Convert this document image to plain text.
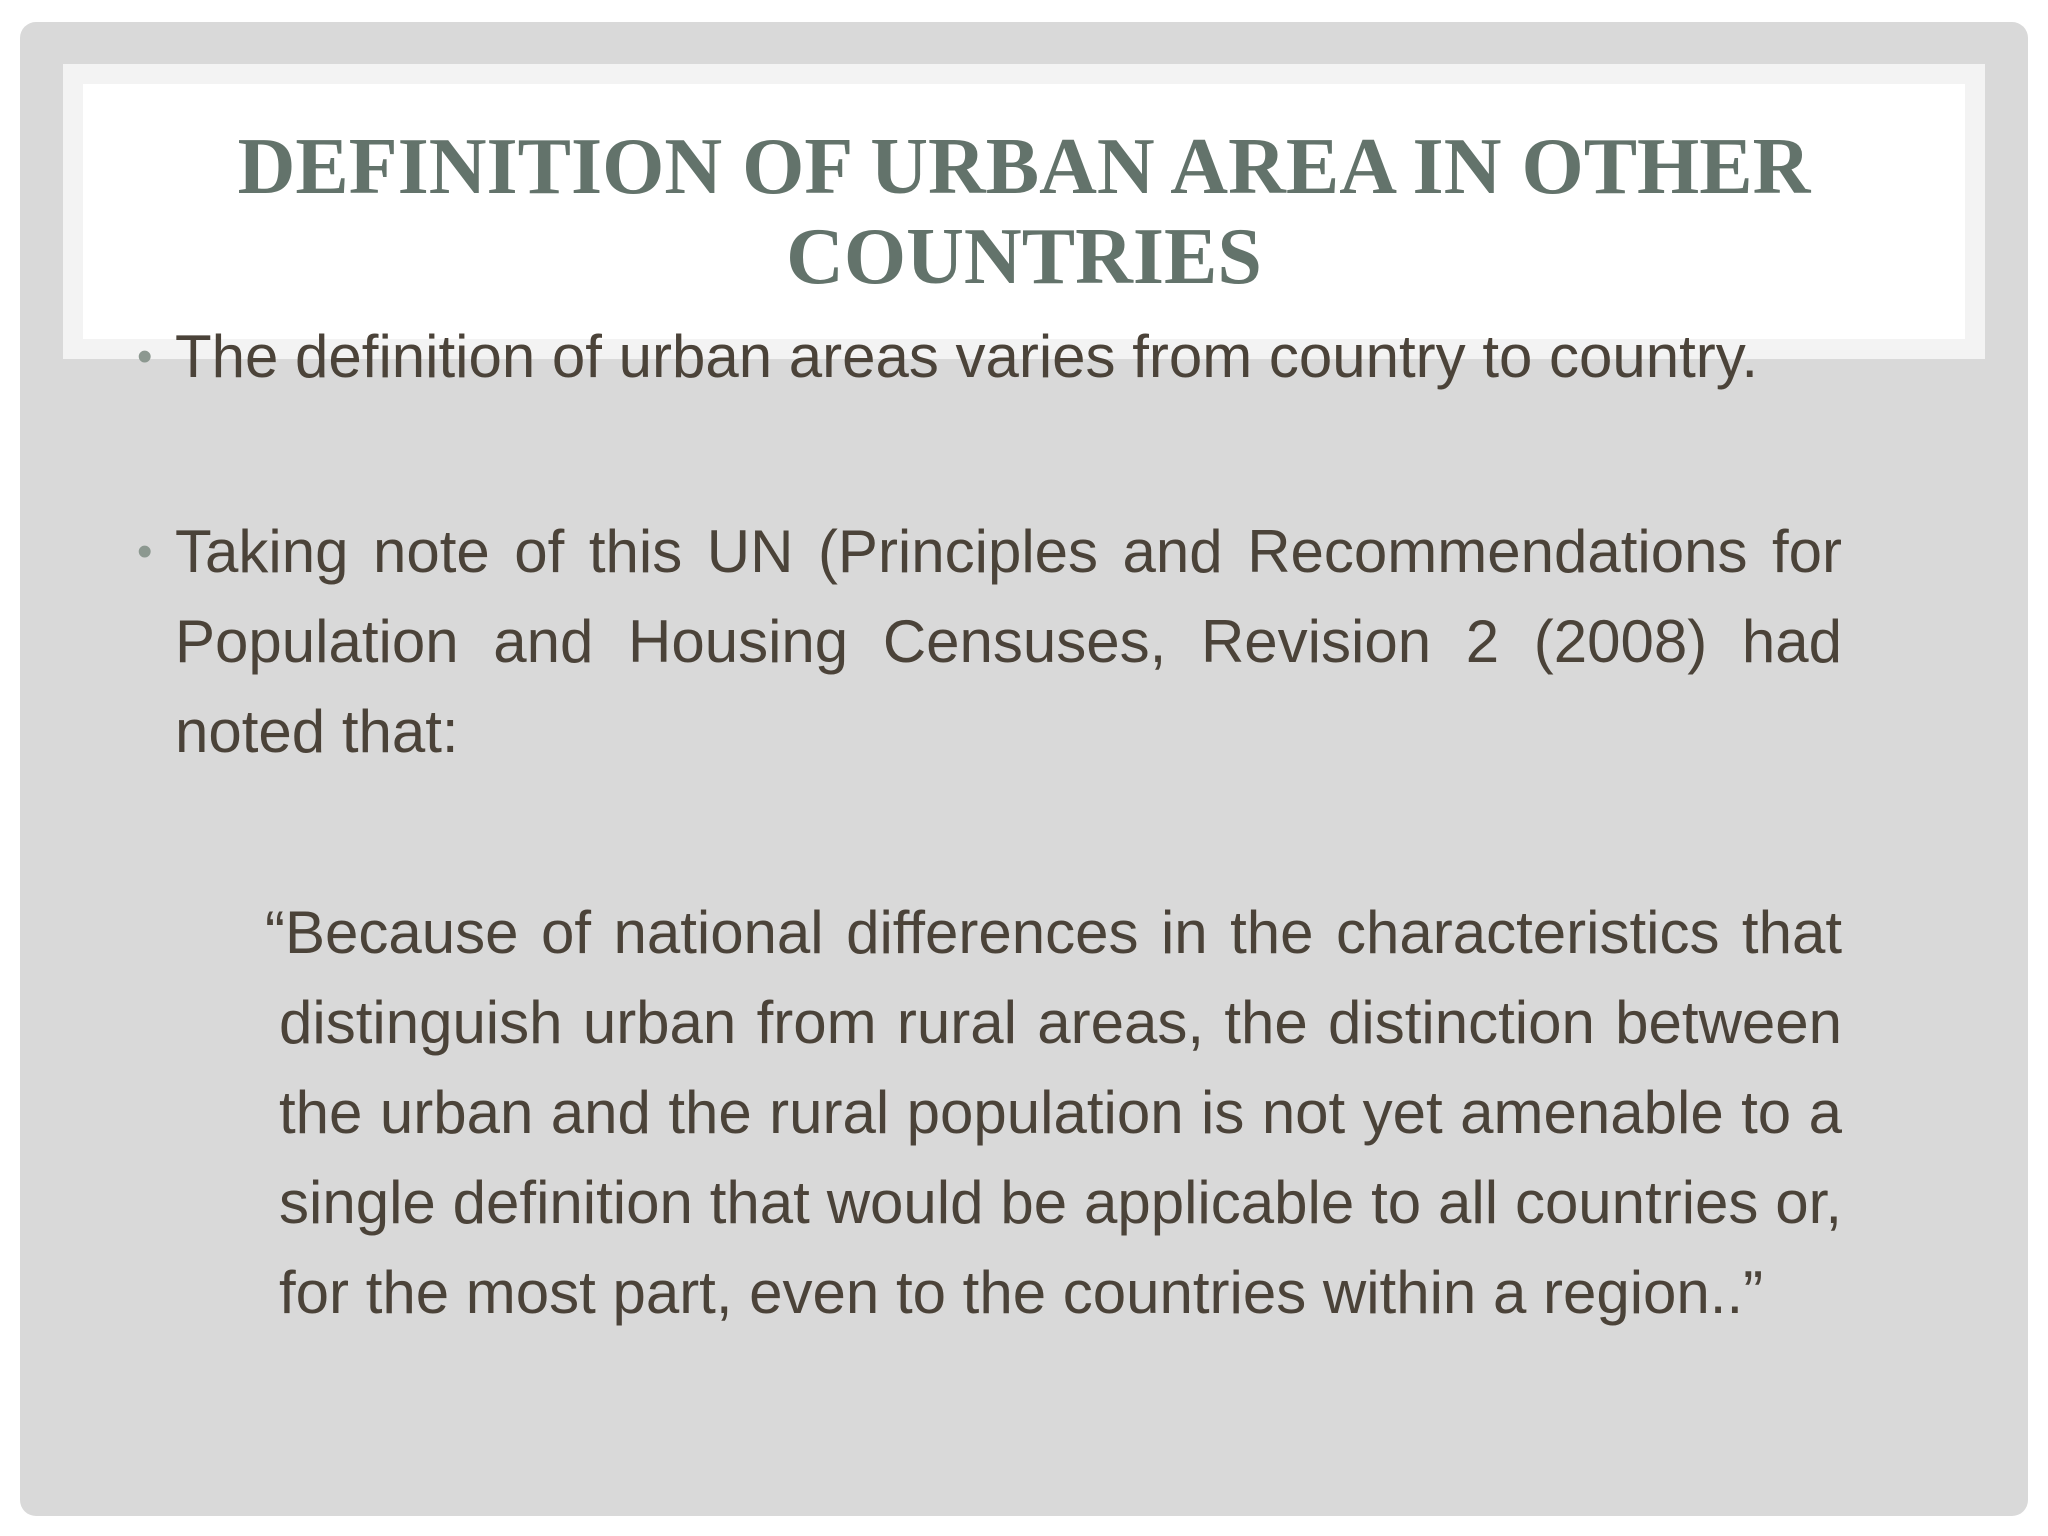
DEFINITION OF URBAN AREA IN OTHER COUNTRIES
• The definition of urban areas varies from country to country.
• Taking note of this UN (Principles and Recommendations for Population and Housing Censuses, Revision 2 (2008) had noted that:
“Because of national differences in the characteristics that distinguish urban from rural areas, the distinction between the urban and the rural population is not yet amenable to a single definition that would be applicable to all countries or, for the most part, even to the countries within a region..”
